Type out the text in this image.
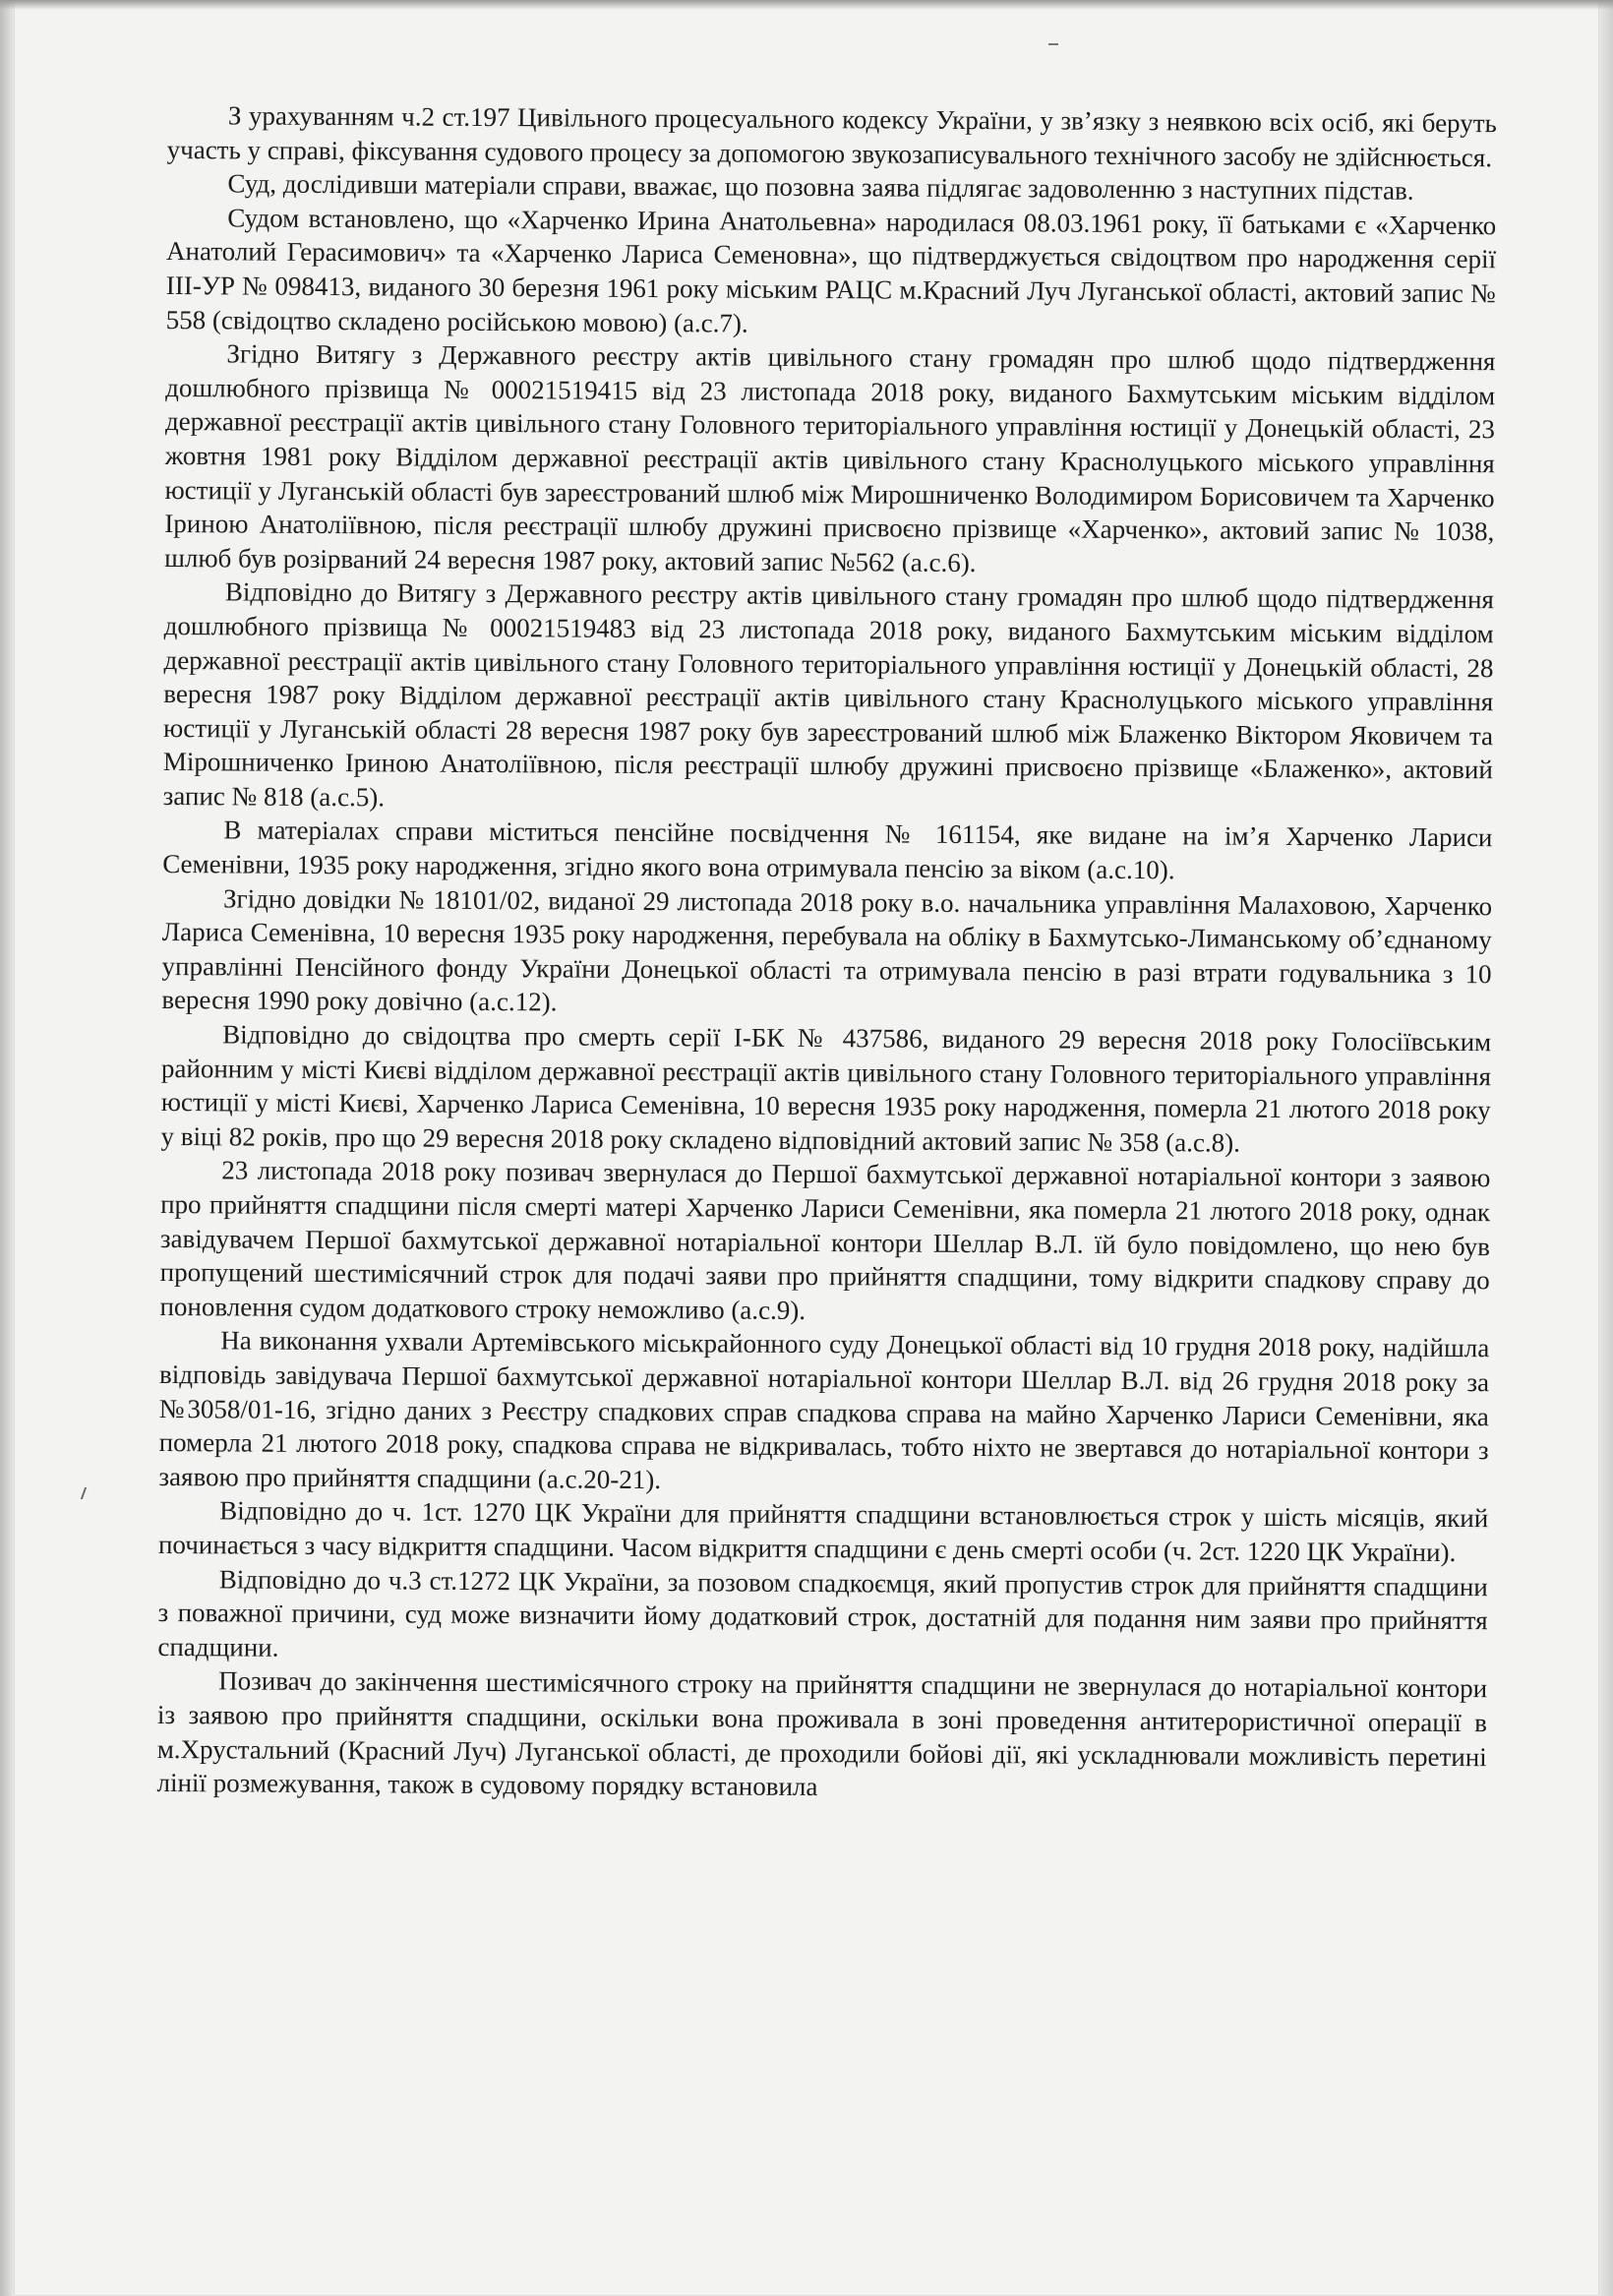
З урахуванням ч.2 ст.197 Цивільного процесуального кодексу України, у зв’язку з неявкою всіх осіб, які беруть участь у справі, фіксування судового процесу за допомогою звукозаписувального технічного засобу не здійснюється.

Суд, дослідивши матеріали справи, вважає, що позовна заява підлягає задоволенню з наступних підстав.

Судом встановлено, що «Харченко Ирина Анатольевна» народилася 08.03.1961 року, її батьками є «Харченко Анатолий Герасимович» та «Харченко Лариса Семеновна», що підтверджується свідоцтвом про народження серії ІІІ-УР № 098413, виданого 30 березня 1961 року міським РАЦС м.Красний Луч Луганської області, актовий запис № 558 (свідоцтво складено російською мовою) (а.с.7).

Згідно Витягу з Державного реєстру актів цивільного стану громадян про шлюб щодо підтвердження дошлюбного прізвища № 00021519415 від 23 листопада 2018 року, виданого Бахмутським міським відділом державної реєстрації актів цивільного стану Головного територіального управління юстиції у Донецькій області, 23 жовтня 1981 року Відділом державної реєстрації актів цивільного стану Краснолуцького міського управління юстиції у Луганській області був зареєстрований шлюб між Мирошниченко Володимиром Борисовичем та Харченко Іриною Анатоліївною, після реєстрації шлюбу дружині присвоєно прізвище «Харченко», актовий запис № 1038, шлюб був розірваний 24 вересня 1987 року, актовий запис №562 (а.с.6).

Відповідно до Витягу з Державного реєстру актів цивільного стану громадян про шлюб щодо підтвердження дошлюбного прізвища № 00021519483 від 23 листопада 2018 року, виданого Бахмутським міським відділом державної реєстрації актів цивільного стану Головного територіального управління юстиції у Донецькій області, 28 вересня 1987 року Відділом державної реєстрації актів цивільного стану Краснолуцького міського управління юстиції у Луганській області 28 вересня 1987 року був зареєстрований шлюб між Блаженко Віктором Яковичем та Мірошниченко Іриною Анатоліївною, після реєстрації шлюбу дружині присвоєно прізвище «Блаженко», актовий запис № 818 (а.с.5).

В матеріалах справи міститься пенсійне посвідчення № 161154, яке видане на ім’я Харченко Лариси Семенівни, 1935 року народження, згідно якого вона отримувала пенсію за віком (а.с.10).

Згідно довідки № 18101/02, виданої 29 листопада 2018 року в.о. начальника управління Малаховою, Харченко Лариса Семенівна, 10 вересня 1935 року народження, перебувала на обліку в Бахмутсько-Лиманському об’єднаному управлінні Пенсійного фонду України Донецької області та отримувала пенсію в разі втрати годувальника з 10 вересня 1990 року довічно (а.с.12).

Відповідно до свідоцтва про смерть серії І-БК № 437586, виданого 29 вересня 2018 року Голосіївським районним у місті Києві відділом державної реєстрації актів цивільного стану Головного територіального управління юстиції у місті Києві, Харченко Лариса Семенівна, 10 вересня 1935 року народження, померла 21 лютого 2018 року у віці 82 років, про що 29 вересня 2018 року складено відповідний актовий запис № 358 (а.с.8).

23 листопада 2018 року позивач звернулася до Першої бахмутської державної нотаріальної контори з заявою про прийняття спадщини після смерті матері Харченко Лариси Семенівни, яка померла 21 лютого 2018 року, однак завідувачем Першої бахмутської державної нотаріальної контори Шеллар В.Л. їй було повідомлено, що нею був пропущений шестимісячний строк для подачі заяви про прийняття спадщини, тому відкрити спадкову справу до поновлення судом додаткового строку неможливо (а.с.9).

На виконання ухвали Артемівського міськрайонного суду Донецької області від 10 грудня 2018 року, надійшла відповідь завідувача Першої бахмутської державної нотаріальної контори Шеллар В.Л. від 26 грудня 2018 року за №3058/01-16, згідно даних з Реєстру спадкових справ спадкова справа на майно Харченко Лариси Семенівни, яка померла 21 лютого 2018 року, спадкова справа не відкривалась, тобто ніхто не звертався до нотаріальної контори з заявою про прийняття спадщини (а.с.20-21).

Відповідно до ч. 1ст. 1270 ЦК України для прийняття спадщини встановлюється строк у шість місяців, який починається з часу відкриття спадщини. Часом відкриття спадщини є день смерті особи (ч. 2ст. 1220 ЦК України).

Відповідно до ч.3 ст.1272 ЦК України, за позовом спадкоємця, який пропустив строк для прийняття спадщини з поважної причини, суд може визначити йому додатковий строк, достатній для подання ним заяви про прийняття спадщини.

Позивач до закінчення шестимісячного строку на прийняття спадщини не звернулася до нотаріальної контори із заявою про прийняття спадщини, оскільки вона проживала в зоні проведення антитерористичної операції в м.Хрустальний (Красний Луч) Луганської області, де проходили бойові дії, які ускладнювали можливість перетині лінії розмежування, також в судовому порядку встановила
